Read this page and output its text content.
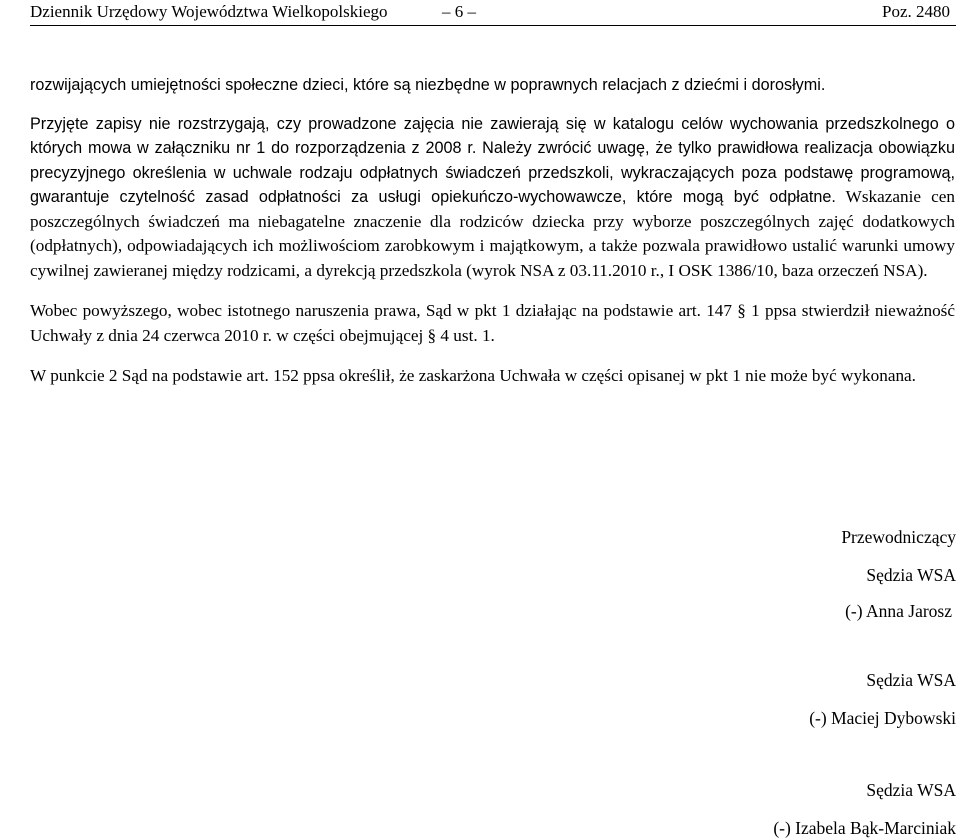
Dziennik Urzędowy Województwa Wielkopolskiego	– 6 –	Poz. 2480

rozwijających umiejętności społeczne dzieci, które są niezbędne w poprawnych relacjach z dziećmi i dorosłymi.

Przyjęte zapisy nie rozstrzygają, czy prowadzone zajęcia nie zawierają się w katalogu celów wychowania przedszkolnego o których mowa w załączniku nr 1 do rozporządzenia z 2008 r. Należy zwrócić uwagę, że tylko prawidłowa realizacja obowiązku precyzyjnego określenia w uchwale rodzaju odpłatnych świadczeń przedszkoli, wykraczających poza podstawę programową, gwarantuje czytelność zasad odpłatności za usługi opiekuńczo-wychowawcze, które mogą być odpłatne. Wskazanie cen poszczególnych świadczeń ma niebagatelne znaczenie dla rodziców dziecka przy wyborze poszczególnych zajęć dodatkowych (odpłatnych), odpowiadających ich możliwościom zarobkowym i majątkowym, a także pozwala prawidłowo ustalić warunki umowy cywilnej zawieranej między rodzicami, a dyrekcją przedszkola (wyrok NSA z 03.11.2010 r., I OSK 1386/10, baza orzeczeń NSA).

Wobec powyższego, wobec istotnego naruszenia prawa, Sąd w pkt 1 działając na podstawie art. 147 § 1 ppsa stwierdził nieważność Uchwały z dnia 24 czerwca 2010 r. w części obejmującej § 4 ust. 1.

W punkcie 2 Sąd na podstawie art. 152 ppsa określił, że zaskarżona Uchwała w części opisanej w pkt 1 nie może być wykonana.

Przewodniczący
Sędzia WSA
(-) Anna Jarosz
Sędzia WSA
(-) Maciej Dybowski
Sędzia WSA
(-) Izabela Bąk-Marciniak
